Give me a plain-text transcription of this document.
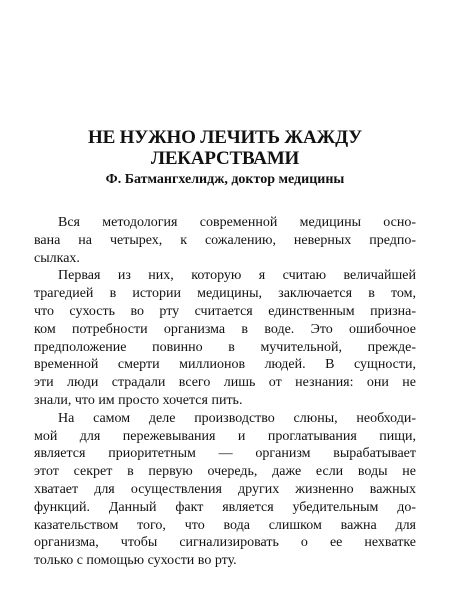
НЕ НУЖНО ЛЕЧИТЬ ЖАЖДУ
ЛЕКАРСТВАМИ
Ф. Батмангхелидж, доктор медицины
Вся методология современной медицины осно-
вана на четырех, к сожалению, неверных предпо-
сылках.
Первая из них, которую я считаю величайшей
трагедией в истории медицины, заключается в том,
что сухость во рту считается единственным призна-
ком потребности организма в воде. Это ошибочное
предположение повинно в мучительной, прежде-
временной смерти миллионов людей. В сущности,
эти люди страдали всего лишь от незнания: они не
знали, что им просто хочется пить.
На самом деле производство слюны, необходи-
мой для пережевывания и проглатывания пищи,
является приоритетным — организм вырабатывает
этот секрет в первую очередь, даже если воды не
хватает для осуществления других жизненно важных
функций. Данный факт является убедительным до-
казательством того, что вода слишком важна для
организма, чтобы сигнализировать о ее нехватке
только с помощью сухости во рту.
